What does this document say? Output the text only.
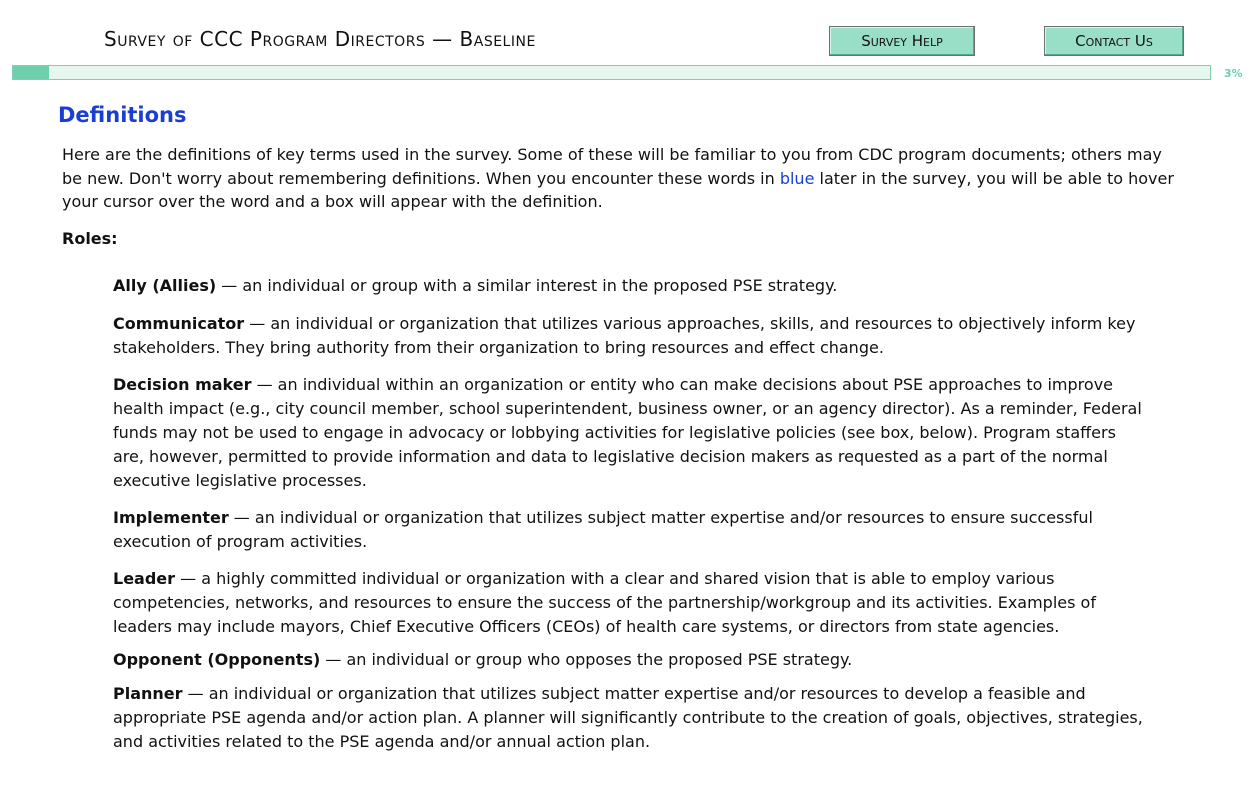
Survey of CCC Program Directors — Baseline	Survey Help	Contact Us
3%
Definitions
Here are the definitions of key terms used in the survey. Some of these will be familiar to you from CDC program documents; others may be new. Don't worry about remembering definitions. When you encounter these words in blue later in the survey, you will be able to hover your cursor over the word and a box will appear with the definition.
Roles:

Ally (Allies) — an individual or group with a similar interest in the proposed PSE strategy.

Communicator — an individual or organization that utilizes various approaches, skills, and resources to objectively inform key stakeholders. They bring authority from their organization to bring resources and effect change.

Decision maker — an individual within an organization or entity who can make decisions about PSE approaches to improve health impact (e.g., city council member, school superintendent, business owner, or an agency director). As a reminder, Federal funds may not be used to engage in advocacy or lobbying activities for legislative policies (see box, below). Program staffers are, however, permitted to provide information and data to legislative decision makers as requested as a part of the normal executive legislative processes.

Implementer — an individual or organization that utilizes subject matter expertise and/or resources to ensure successful execution of program activities.

Leader — a highly committed individual or organization with a clear and shared vision that is able to employ various competencies, networks, and resources to ensure the success of the partnership/workgroup and its activities. Examples of leaders may include mayors, Chief Executive Officers (CEOs) of health care systems, or directors from state agencies.

Opponent (Opponents) — an individual or group who opposes the proposed PSE strategy.

Planner — an individual or organization that utilizes subject matter expertise and/or resources to develop a feasible and appropriate PSE agenda and/or action plan. A planner will significantly contribute to the creation of goals, objectives, strategies, and activities related to the PSE agenda and/or annual action plan.
